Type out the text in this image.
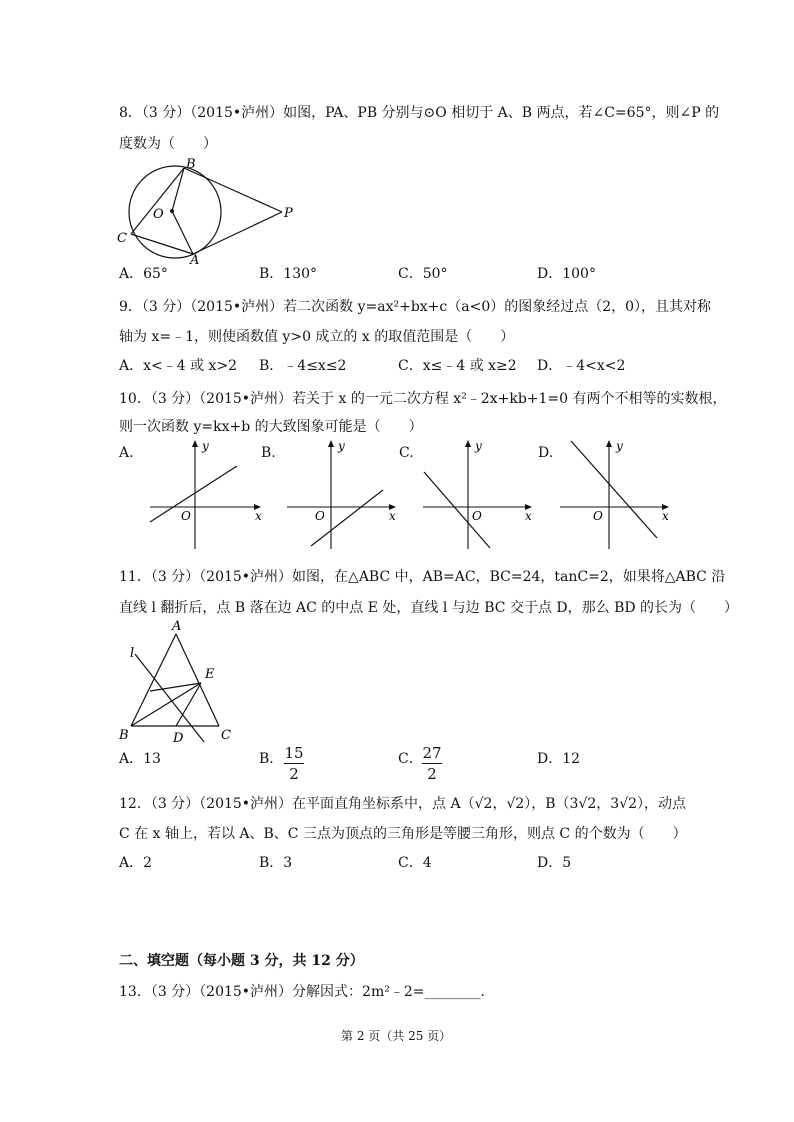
8．（3 分）（2015•泸州）如图，PA、PB 分别与⊙O 相切于 A、B 两点，若∠C=65°，则∠P 的
度数为（　　）
B
O
C
A
P
A．65°	B．130°	C．50°	D．100°
9．（3 分）（2015•泸州）若二次函数 y=ax²+bx+c（a<0）的图象经过点（2，0），且其对称
轴为 x=﹣1，则使函数值 y>0 成立的 x 的取值范围是（　　）
A．x<﹣4 或 x>2 B．﹣4≤x≤2	C．x≤﹣4 或 x≥2 D．﹣4<x<2
10．（3 分）（2015•泸州）若关于 x 的一元二次方程 x²﹣2x+kb+1=0 有两个不相等的实数根，
则一次函数 y=kx+b 的大致图象可能是（　　）
A.	B.	C.	D.
y
x
O
y
x
O
y
x
O
y
x
O
11．（3 分）（2015•泸州）如图，在△ABC 中，AB=AC，BC=24，tanC=2，如果将△ABC 沿
直线 l 翻折后，点 B 落在边 AC 的中点 E 处，直线 l 与边 BC 交于点 D，那么 BD 的长为（　　）
A
l
E
B	D	C
A．13	B． $\frac{15}{2}$	C． $\frac{27}{2}$	D．12
12．（3 分）（2015•泸州）在平面直角坐标系中，点 A（√2，√2），B（3√2，3√2），动点
C 在 x 轴上，若以 A、B、C 三点为顶点的三角形是等腰三角形，则点 C 的个数为（　　）
A．2	B．3	C．4	D．5
二、填空题（每小题 3 分，共 12 分）
13．（3 分）（2015•泸州）分解因式：2m²﹣2=________.
第 2 页（共 25 页）
